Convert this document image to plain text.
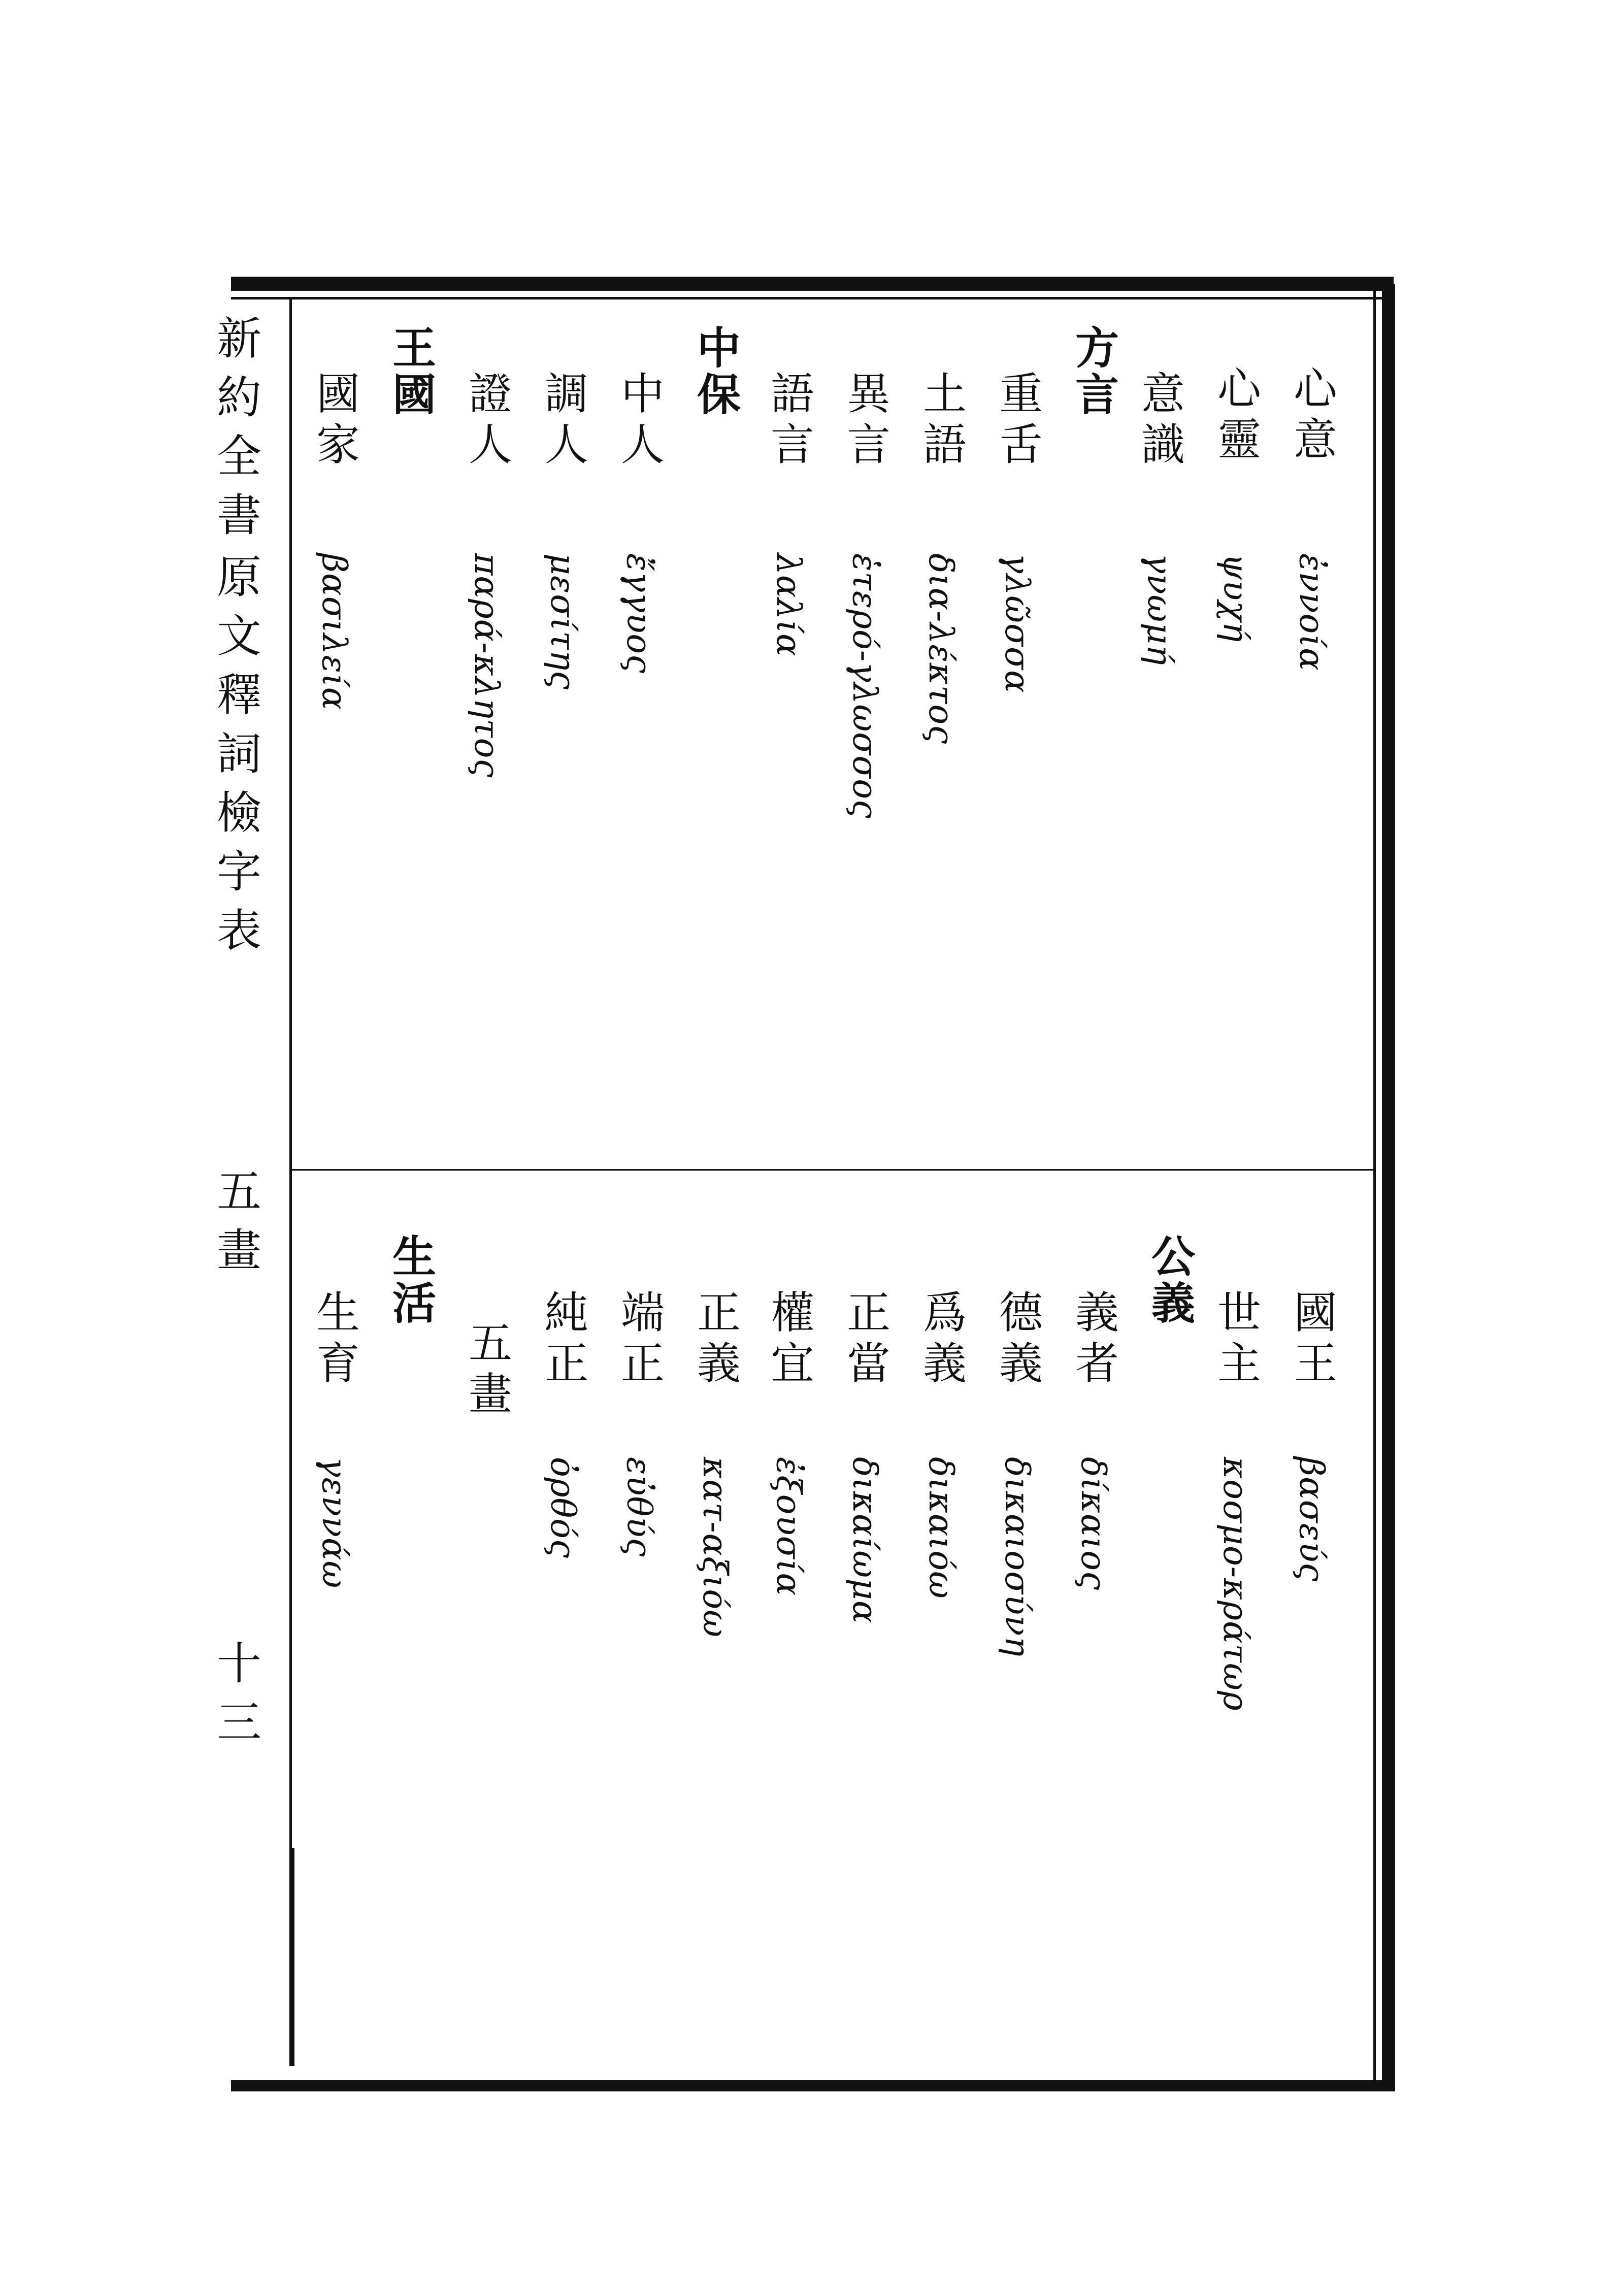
新約全書
原文釋詞檢字表
五畫
十三
心意
ἐννοία
心靈
ψυχή
意識
γνωμή
方言
重舌
γλῶσσα
土語
δια-λέκτος
異言
ἑτερό-γλωσσος
語言
λαλία
中保
中人
ἔγγυος
調人
μεσίτης
證人
παρά-κλητος
王國
國家
βασιλεία
國王
βασεύς
世主
κοσμο-κράτωρ
公義
義者
δίκαιος
德義
δικαιοσύνη
爲義
δικαιόω
正當
δικαίωμα
權宜
ἐξουσία
正義
κατ-αξιόω
端正
εὐθύς
純正
ὀρθός
五畫
生活
生育
γεννάω
